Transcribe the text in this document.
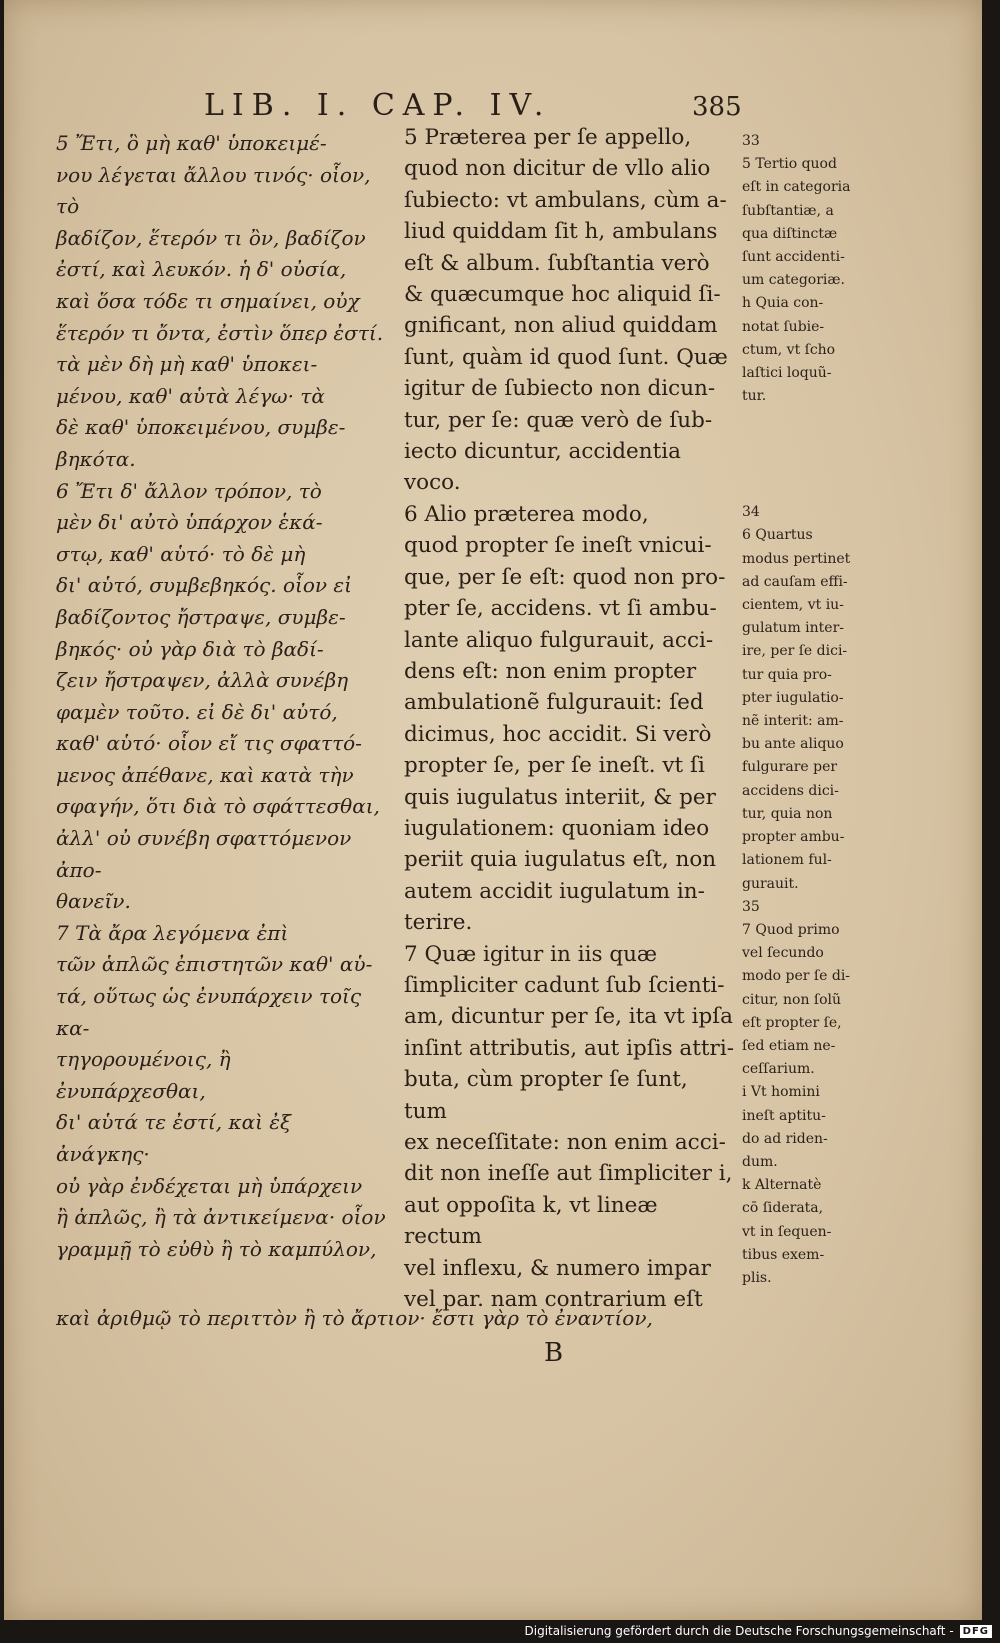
LIB. I. CAP. IV.	385
5 Ἔτι, ὃ μὴ καθ' ὑποκειμέ-
νου λέγεται ἄλλου τινός· οἷον, τὸ
βαδίζον, ἕτερόν τι ὂν, βαδίζον
ἐστί, καὶ λευκόν. ἡ δ' οὐσία,
καὶ ὅσα τόδε τι σημαίνει, οὐχ
ἕτερόν τι ὄντα, ἐστὶν ὅπερ ἐστί.
τὰ μὲν δὴ μὴ καθ' ὑποκει-
μένου, καθ' αὑτὰ λέγω· τὰ
δὲ καθ' ὑποκειμένου, συμβε-
βηκότα.
6 Ἔτι δ' ἄλλον τρόπον, τὸ
μὲν δι' αὐτὸ ὑπάρχον ἑκά-
στῳ, καθ' αὑτό· τὸ δὲ μὴ
δι' αὑτό, συμβεβηκός. οἷον εἰ
βαδίζοντος ἤστραψε, συμβε-
βηκός· οὐ γὰρ διὰ τὸ βαδί-
ζειν ἤστραψεν, ἀλλὰ συνέβη
φαμὲν τοῦτο. εἰ δὲ δι' αὐτό,
καθ' αὑτό· οἷον εἴ τις σφαττό-
μενος ἀπέθανε, καὶ κατὰ τὴν
σφαγήν, ὅτι διὰ τὸ σφάττεσθαι,
ἀλλ' οὐ συνέβη σφαττόμενον ἀπο-
θανεῖν.
7 Τὰ ἄρα λεγόμενα ἐπὶ
τῶν ἁπλῶς ἐπιστητῶν καθ' αὑ-
τά, οὕτως ὡς ἐνυπάρχειν τοῖς κα-
τηγορουμένοις, ἢ ἐνυπάρχεσθαι,
δι' αὑτά τε ἐστί, καὶ ἐξ ἀνάγκης·
οὐ γὰρ ἐνδέχεται μὴ ὑπάρχειν
ἢ ἁπλῶς, ἢ τὰ ἀντικείμενα· οἷον
γραμμῇ τὸ εὐθὺ ἢ τὸ καμπύλον,
5 Præterea per ſe appello,
quod non dicitur de vllo alio
ſubiecto: vt ambulans, cùm a-
liud quiddam ſit h, ambulans
eſt & album. ſubſtantia verò
& quæcumque hoc aliquid ſi-
gnificant, non aliud quiddam
ſunt, quàm id quod ſunt. Quæ
igitur de ſubiecto non dicun-
tur, per ſe: quæ verò de ſub-
iecto dicuntur, accidentia
voco.
6 Alio præterea modo,
quod propter ſe ineſt vnicui-
que, per ſe eſt: quod non pro-
pter ſe, accidens. vt ſi ambu-
lante aliquo fulgurauit, acci-
dens eſt: non enim propter
ambulationẽ fulgurauit: ſed
dicimus, hoc accidit. Si verò
propter ſe, per ſe ineſt. vt ſi
quis iugulatus interiit, & per
iugulationem: quoniam ideo
periit quia iugulatus eſt, non
autem accidit iugulatum in-
terire.
7 Quæ igitur in iis quæ
ſimpliciter cadunt ſub ſcienti-
am, dicuntur per ſe, ita vt ipſa
inſint attributis, aut ipſis attri-
buta, cùm propter ſe ſunt, tum
ex neceſſitate: non enim acci-
dit non ineſſe aut ſimpliciter i,
aut oppoſita k, vt lineæ rectum
vel inflexu, & numero impar
vel par. nam contrarium eſt
33
5 Tertio quod
eſt in categoria
ſubſtantiæ, a
qua diſtinctæ
ſunt accidenti-
um categoriæ.
h Quia con-
notat ſubie-
ctum, vt ſcho
laſtici loquũ-
tur.

34
6 Quartus
modus pertinet
ad cauſam effi-
cientem, vt iu-
gulatum inter-
ire, per ſe dici-
tur quia pro-
pter iugulatio-
nẽ interit: am-
bu ante aliquo
fulgurare per
accidens dici-
tur, quia non
propter ambu-
lationem ful-
gurauit.
35
7 Quod primo
vel ſecundo
modo per ſe di-
citur, non ſolũ
eſt propter ſe,
ſed etiam ne-
ceſſarium.
i Vt homini
ineſt aptitu-
do ad riden-
dum.
k Alternatè
cō ſiderata,
vt in ſequen-
tibus exem-
plis.
καὶ ἀριθμῷ τὸ περιττὸν ἢ τὸ ἄρτιον· ἔστι γὰρ τὸ ἐναντίον,
B
Digitalisierung gefördert durch die Deutsche Forschungsgemeinschaft - DFG
